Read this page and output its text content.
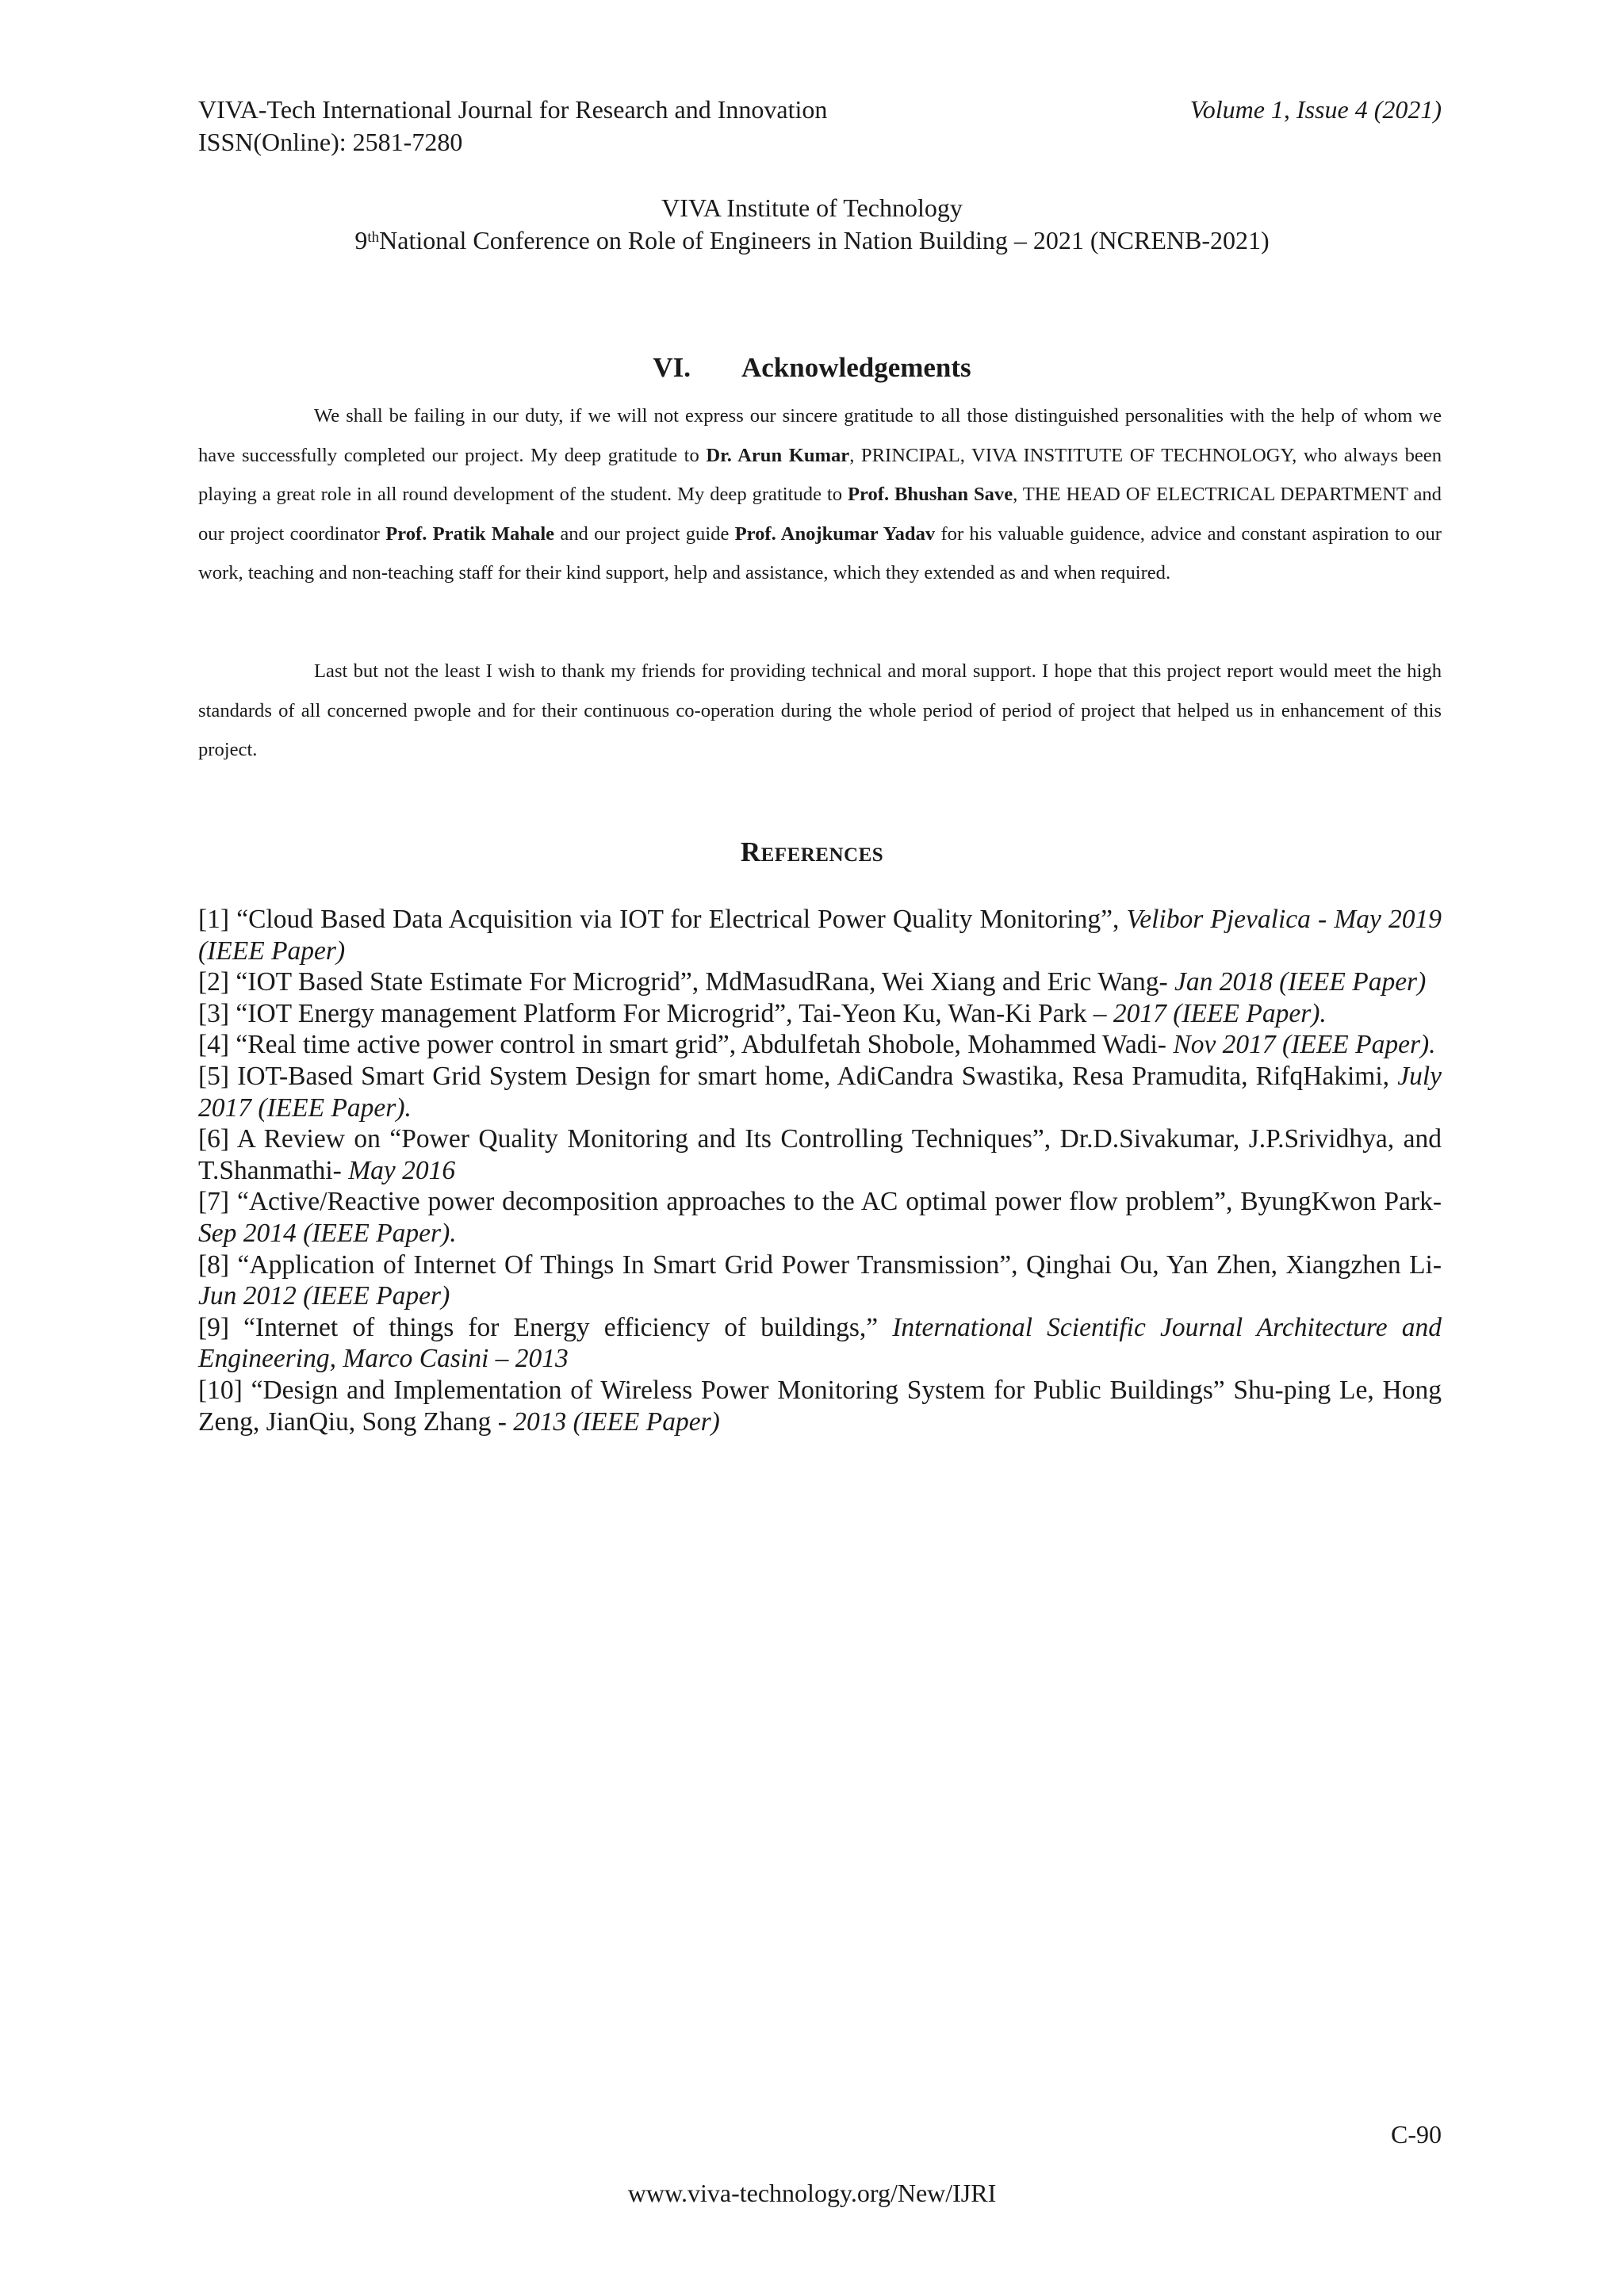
VIVA-Tech International Journal for Research and Innovation
ISSN(Online): 2581-7280
Volume 1, Issue 4 (2021)
VIVA Institute of Technology
9thNational Conference on Role of Engineers in Nation Building – 2021 (NCRENB-2021)
VI. Acknowledgements

We shall be failing in our duty, if we will not express our sincere gratitude to all those distinguished personalities with the help of whom we have successfully completed our project. My deep gratitude to Dr. Arun Kumar, PRINCIPAL, VIVA INSTITUTE OF TECHNOLOGY, who always been playing a great role in all round development of the student. My deep gratitude to Prof. Bhushan Save, THE HEAD OF ELECTRICAL DEPARTMENT and our project coordinator Prof. Pratik Mahale and our project guide Prof. Anojkumar Yadav for his valuable guidence, advice and constant aspiration to our work, teaching and non-teaching staff for their kind support, help and assistance, which they extended as and when required.

Last but not the least I wish to thank my friends for providing technical and moral support. I hope that this project report would meet the high standards of all concerned pwople and for their continuous co-operation during the whole period of period of project that helped us in enhancement of this project.

References
[1] “Cloud Based Data Acquisition via IOT for Electrical Power Quality Monitoring”, Velibor Pjevalica - May 2019 (IEEE Paper)
[2] “IOT Based State Estimate For Microgrid”, MdMasudRana, Wei Xiang and Eric Wang- Jan 2018 (IEEE Paper)
[3] “IOT Energy management Platform For Microgrid”, Tai-Yeon Ku, Wan-Ki Park – 2017 (IEEE Paper).
[4] “Real time active power control in smart grid”, Abdulfetah Shobole, Mohammed Wadi- Nov 2017 (IEEE Paper).
[5] IOT-Based Smart Grid System Design for smart home, AdiCandra Swastika, Resa Pramudita, RifqHakimi, July 2017 (IEEE Paper).
[6] A Review on “Power Quality Monitoring and Its Controlling Techniques”, Dr.D.Sivakumar, J.P.Srividhya, and T.Shanmathi- May 2016
[7] “Active/Reactive power decomposition approaches to the AC optimal power flow problem”, ByungKwon Park- Sep 2014 (IEEE Paper).
[8] “Application of Internet Of Things In Smart Grid Power Transmission”, Qinghai Ou, Yan Zhen, Xiangzhen Li- Jun 2012 (IEEE Paper)
[9] “Internet of things for Energy efficiency of buildings,” International Scientific Journal Architecture and Engineering, Marco Casini – 2013
[10] “Design and Implementation of Wireless Power Monitoring System for Public Buildings” Shu-ping Le, Hong Zeng, JianQiu, Song Zhang - 2013 (IEEE Paper)
C-90
www.viva-technology.org/New/IJRI
